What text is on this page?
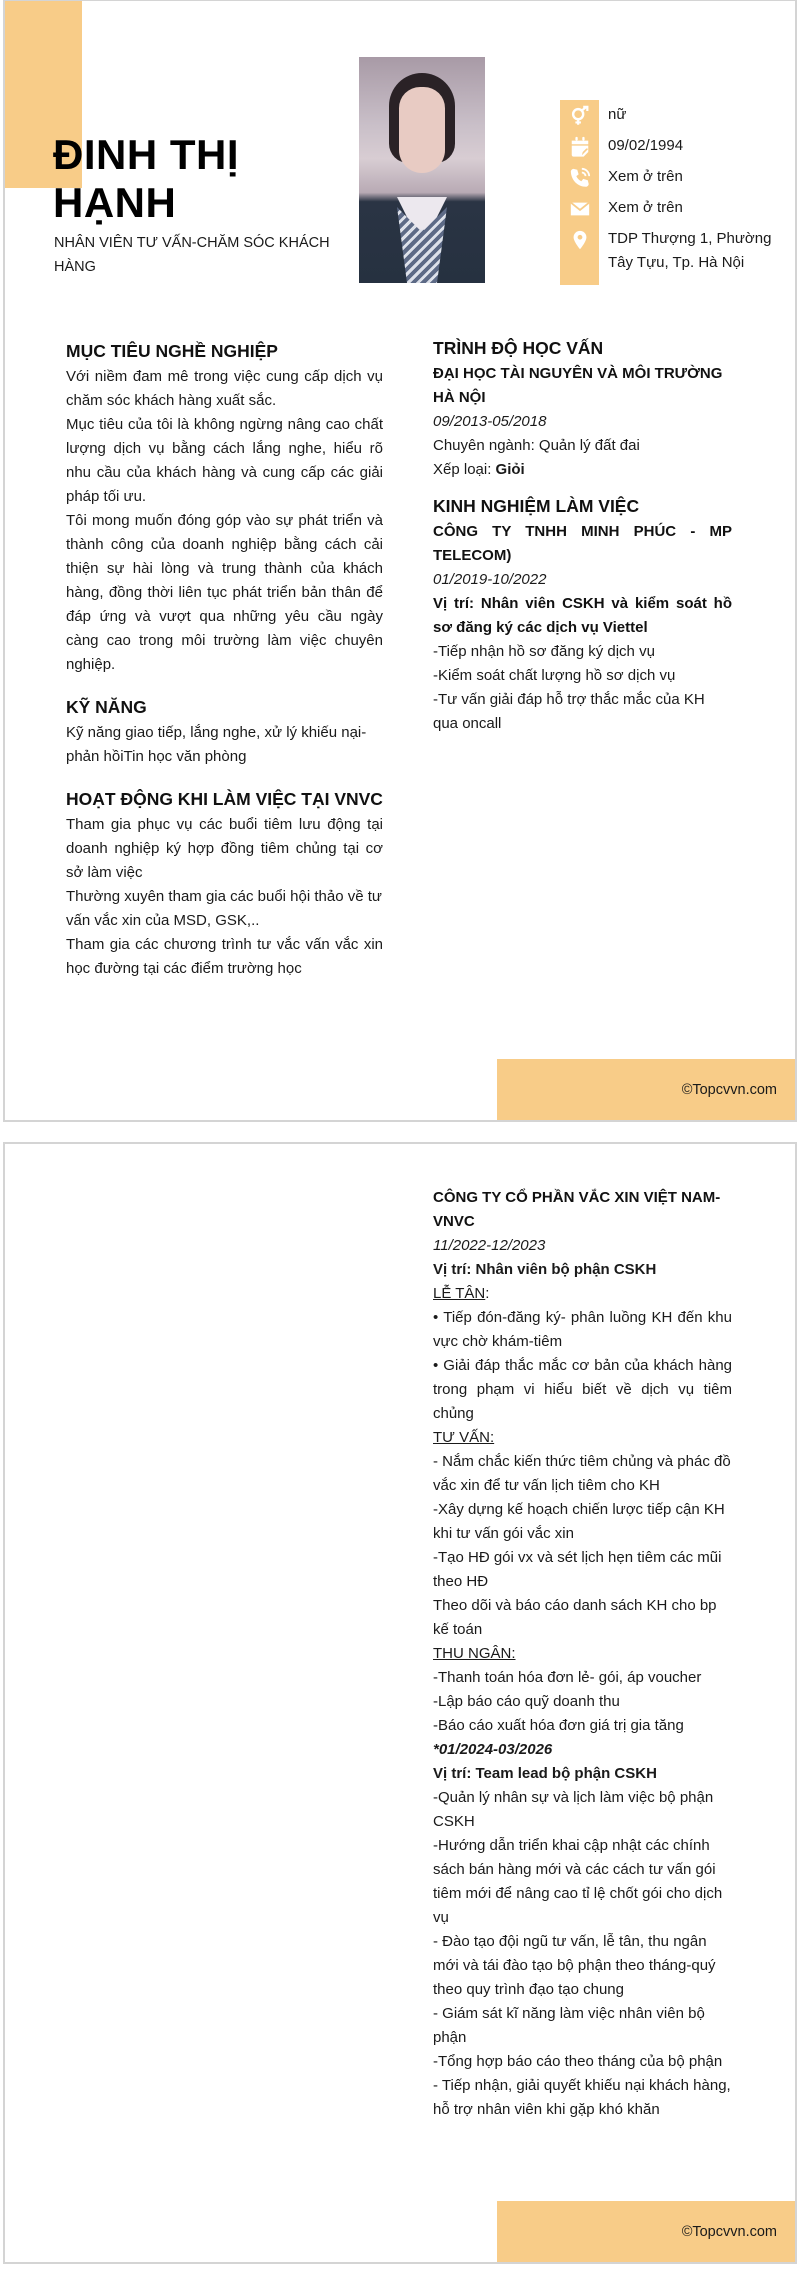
ĐINH THỊ HẠNH
NHÂN VIÊN TƯ VẤN-CHĂM SÓC KHÁCH HÀNG
nữ
09/02/1994
Xem ở trên
Xem ở trên
TDP Thượng 1, Phường Tây Tựu, Tp. Hà Nội
MỤC TIÊU NGHỀ NGHIỆP
Với niềm đam mê trong việc cung cấp dịch vụ chăm sóc khách hàng xuất sắc.
Mục tiêu của tôi là không ngừng nâng cao chất lượng dịch vụ bằng cách lắng nghe, hiểu rõ nhu cầu của khách hàng và cung cấp các giải pháp tối ưu.
Tôi mong muốn đóng góp vào sự phát triển và thành công của doanh nghiệp bằng cách cải thiện sự hài lòng và trung thành của khách hàng, đồng thời liên tục phát triển bản thân để đáp ứng và vượt qua những yêu cầu ngày càng cao trong môi trường làm việc chuyên nghiệp.
KỸ NĂNG
Kỹ năng giao tiếp, lắng nghe, xử lý khiếu nại- phản hồiTin học văn phòng
HOẠT ĐỘNG KHI LÀM VIỆC TẠI VNVC
Tham gia phục vụ các buổi tiêm lưu động tại doanh nghiệp ký hợp đồng tiêm chủng tại cơ sở làm việc
Thường xuyên tham gia các buổi hội thảo về tư vấn vắc xin của MSD, GSK,..
Tham gia các chương trình tư vắc vấn vắc xin học đường tại các điểm trường học
TRÌNH ĐỘ HỌC VẤN
ĐẠI HỌC TÀI NGUYÊN VÀ MÔI TRƯỜNG HÀ NỘI
09/2013-05/2018
Chuyên ngành: Quản lý đất đai
Xếp loại: Giỏi
KINH NGHIỆM LÀM VIỆC
CÔNG TY TNHH MINH PHÚC - MP TELECOM)
01/2019-10/2022
Vị trí: Nhân viên CSKH và kiểm soát hồ sơ đăng ký các dịch vụ Viettel
-Tiếp nhận hồ sơ đăng ký dịch vụ
-Kiểm soát chất lượng hồ sơ dịch vụ
-Tư vấn giải đáp hỗ trợ thắc mắc của KH qua oncall
©Topcvvn.com
CÔNG TY CỔ PHẦN VẮC XIN VIỆT NAM-VNVC
11/2022-12/2023
Vị trí: Nhân viên bộ phận CSKH
LỄ TÂN:
• Tiếp đón-đăng ký- phân luồng KH đến khu vực chờ khám-tiêm
• Giải đáp thắc mắc cơ bản của khách hàng trong phạm vi hiểu biết về dịch vụ tiêm chủng
TƯ VẤN:
- Nắm chắc kiến thức tiêm chủng và phác đồ vắc xin để tư vấn lịch tiêm cho KH
-Xây dựng kế hoạch chiến lược tiếp cận KH khi tư vấn gói vắc xin
-Tạo HĐ gói vx và sét lịch hẹn tiêm các mũi theo HĐ
Theo dõi và báo cáo danh sách KH cho bp kế toán
THU NGÂN:
-Thanh toán hóa đơn lẻ- gói, áp voucher
-Lập báo cáo quỹ doanh thu
-Báo cáo xuất hóa đơn giá trị gia tăng
*01/2024-03/2026
Vị trí: Team lead bộ phận CSKH
-Quản lý nhân sự và lịch làm việc bộ phận CSKH
-Hướng dẫn triển khai cập nhật các chính sách bán hàng mới và các cách tư vấn gói tiêm mới để nâng cao tỉ lệ chốt gói cho dịch vụ
- Đào tạo đội ngũ tư vấn, lễ tân, thu ngân mới và tái đào tạo bộ phận theo tháng-quý theo quy trình đạo tạo chung
- Giám sát kĩ năng làm việc nhân viên bộ phận
-Tổng hợp báo cáo theo tháng của bộ phận
- Tiếp nhận, giải quyết khiếu nại khách hàng, hỗ trợ nhân viên khi gặp khó khăn
©Topcvvn.com
